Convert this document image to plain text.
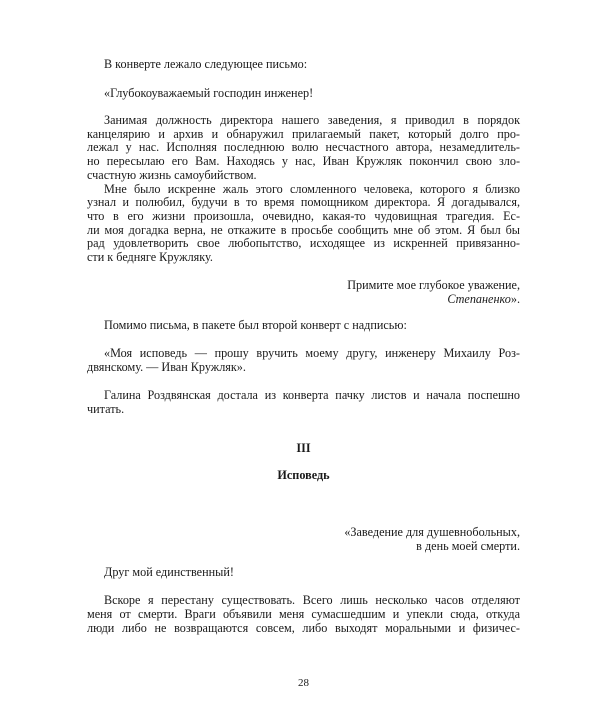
В конверте лежало следующее письмо:
«Глубокоуважаемый господин инженер!
Занимая должность директора нашего заведения, я приводил в порядок
канцелярию и архив и обнаружил прилагаемый пакет, который долго про-
лежал у нас. Исполняя последнюю волю несчастного автора, незамедлитель-
но пересылаю его Вам. Находясь у нас, Иван Кружляк покончил свою зло-
счастную жизнь самоубийством.
Мне было искренне жаль этого сломленного человека, которого я близко
узнал и полюбил, будучи в то время помощником директора. Я догадывался,
что в его жизни произошла, очевидно, какая-то чудовищная трагедия. Ес-
ли моя догадка верна, не откажите в просьбе сообщить мне об этом. Я был бы
рад удовлетворить свое любопытство, исходящее из искренней привязанно-
сти к бедняге Кружляку.
Примите мое глубокое уважение,
Степаненко».
Помимо письма, в пакете был второй конверт с надписью:
«Моя исповедь — прошу вручить моему другу, инженеру Михаилу Роз-
двянскому. — Иван Кружляк».
Галина Роздвянская достала из конверта пачку листов и начала поспешно
читать.
III
Исповедь
«Заведение для душевнобольных,
в день моей смерти.
Друг мой единственный!
Вскоре я перестану существовать. Всего лишь несколько часов отделяют
меня от смерти. Враги объявили меня сумасшедшим и упекли сюда, откуда
люди либо не возвращаются совсем, либо выходят моральными и физичес-
28
